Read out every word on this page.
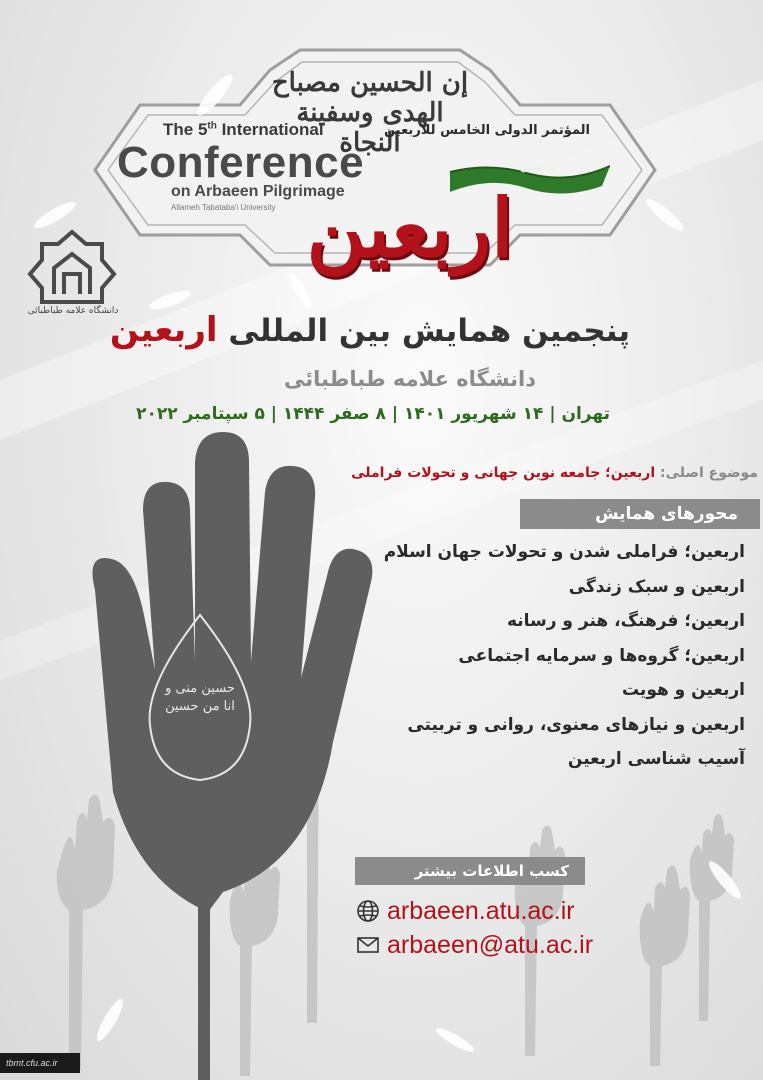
إن الحسين مصباح الهدى وسفينة النجاة
المؤتمر الدولی الخامس للاربعین
The 5th International
Conference
on Arbaeen Pilgrimage
Allameh Tabataba'i University
یا حسین
اربعین
دانشگاه علامه طباطبائی
پنجمین همایش بین المللی اربعین
دانشگاه علامه طباطبائی
تهران | ۱۴ شهریور ۱۴۰۱ | ۸ صفر ۱۴۴۴ | ۵ سپتامبر ۲۰۲۲
موضوع اصلی: اربعین؛ جامعه نوین جهانی و تحولات فراملی
محورهای همایش
اربعین؛ فراملی شدن و تحولات جهان اسلام
اربعین و سبک زندگی
اربعین؛ فرهنگ، هنر و رسانه
اربعین؛ گروه‌ها و سرمایه اجتماعی
اربعین و هویت
اربعین و نیازهای معنوی، روانی و تربیتی
آسیب شناسی اربعین
حسین منی و انا من حسین
کسب اطلاعات بیشتر
arbaeen.atu.ac.ir
arbaeen@atu.ac.ir
tbmt.cfu.ac.ir
